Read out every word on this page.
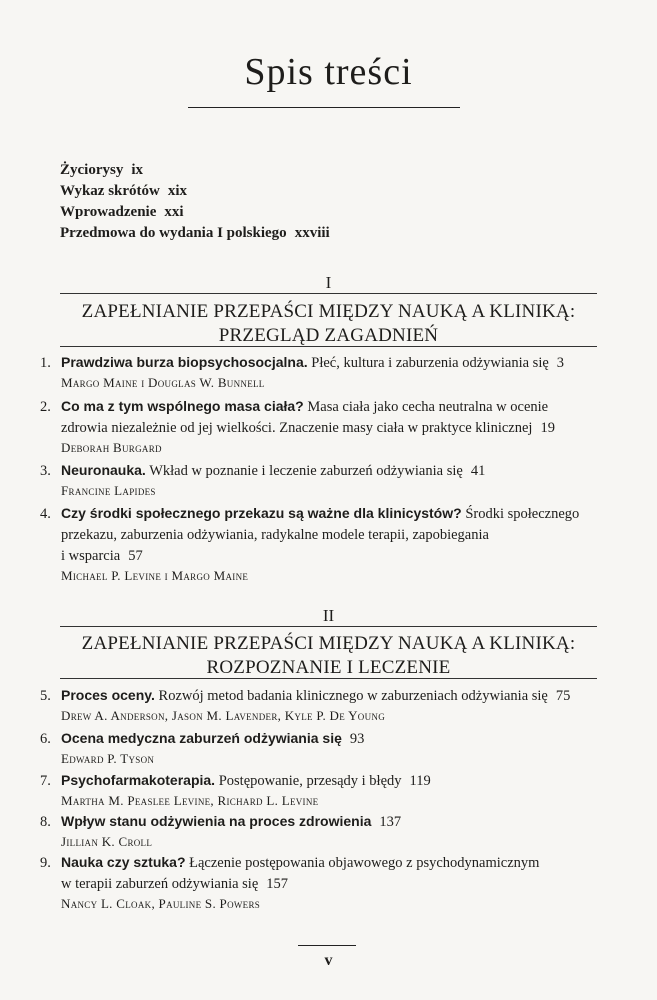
Spis treści
Życiorysy ix
Wykaz skrótów xix
Wprowadzenie xxi
Przedmowa do wydania I polskiego xxviii
I
ZAPEŁNIANIE PRZEPAŚCI MIĘDZY NAUKĄ A KLINIKĄ:
PRZEGLĄD ZAGADNIEŃ
1. Prawdziwa burza biopsychosocjalna. Płeć, kultura i zaburzenia odżywiania się 3
Margo Maine i Douglas W. Bunnell
2. Co ma z tym wspólnego masa ciała? Masa ciała jako cecha neutralna w ocenie
zdrowia niezależnie od jej wielkości. Znaczenie masy ciała w praktyce klinicznej 19
Deborah Burgard
3. Neuronauka. Wkład w poznanie i leczenie zaburzeń odżywiania się 41
Francine Lapides
4. Czy środki społecznego przekazu są ważne dla klinicystów? Środki społecznego
przekazu, zaburzenia odżywiania, radykalne modele terapii, zapobiegania
i wsparcia 57
Michael P. Levine i Margo Maine
II
ZAPEŁNIANIE PRZEPAŚCI MIĘDZY NAUKĄ A KLINIKĄ:
ROZPOZNANIE I LECZENIE
5. Proces oceny. Rozwój metod badania klinicznego w zaburzeniach odżywiania się 75
Drew A. Anderson, Jason M. Lavender, Kyle P. De Young
6. Ocena medyczna zaburzeń odżywiania się 93
Edward P. Tyson
7. Psychofarmakoterapia. Postępowanie, przesądy i błędy 119
Martha M. Peaslee Levine, Richard L. Levine
8. Wpływ stanu odżywienia na proces zdrowienia 137
Jillian K. Croll
9. Nauka czy sztuka? Łączenie postępowania objawowego z psychodynamicznym
w terapii zaburzeń odżywiania się 157
Nancy L. Cloak, Pauline S. Powers
v
